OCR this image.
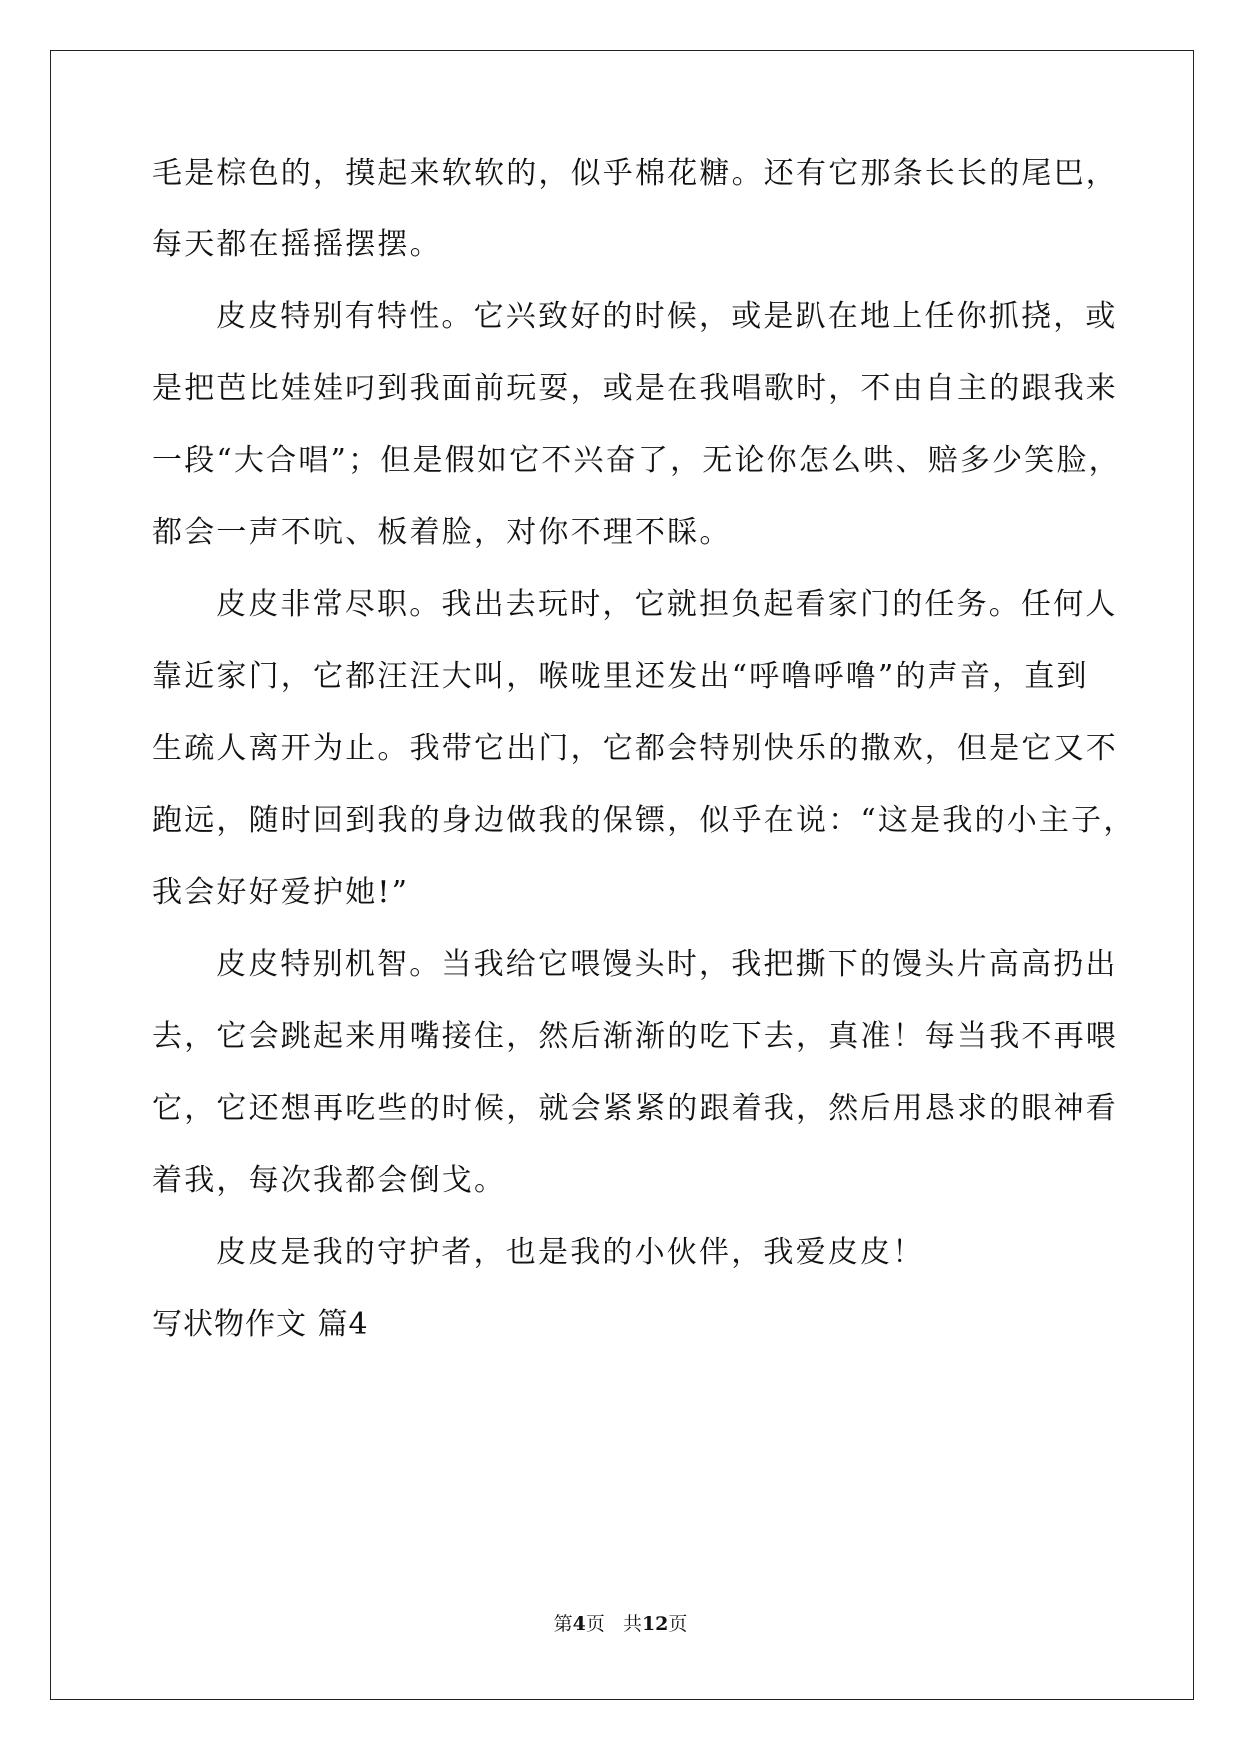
毛是棕色的，摸起来软软的，似乎棉花糖。还有它那条长长的尾巴，
每天都在摇摇摆摆。
皮皮特别有特性。它兴致好的时候，或是趴在地上任你抓挠，或
是把芭比娃娃叼到我面前玩耍，或是在我唱歌时，不由自主的跟我来
一段“大合唱”；但是假如它不兴奋了，无论你怎么哄、赔多少笑脸，
都会一声不吭、板着脸，对你不理不睬。
皮皮非常尽职。我出去玩时，它就担负起看家门的任务。任何人
靠近家门，它都汪汪大叫，喉咙里还发出“呼噜呼噜”的声音，直到
生疏人离开为止。我带它出门，它都会特别快乐的撒欢，但是它又不
跑远，随时回到我的身边做我的保镖，似乎在说：“这是我的小主子，
我会好好爱护她!”
皮皮特别机智。当我给它喂馒头时，我把撕下的馒头片高高扔出
去，它会跳起来用嘴接住，然后渐渐的吃下去，真准！每当我不再喂
它，它还想再吃些的时候，就会紧紧的跟着我，然后用恳求的眼神看
着我，每次我都会倒戈。
皮皮是我的守护者，也是我的小伙伴，我爱皮皮！
写状物作文 篇4
第4页   共12页
